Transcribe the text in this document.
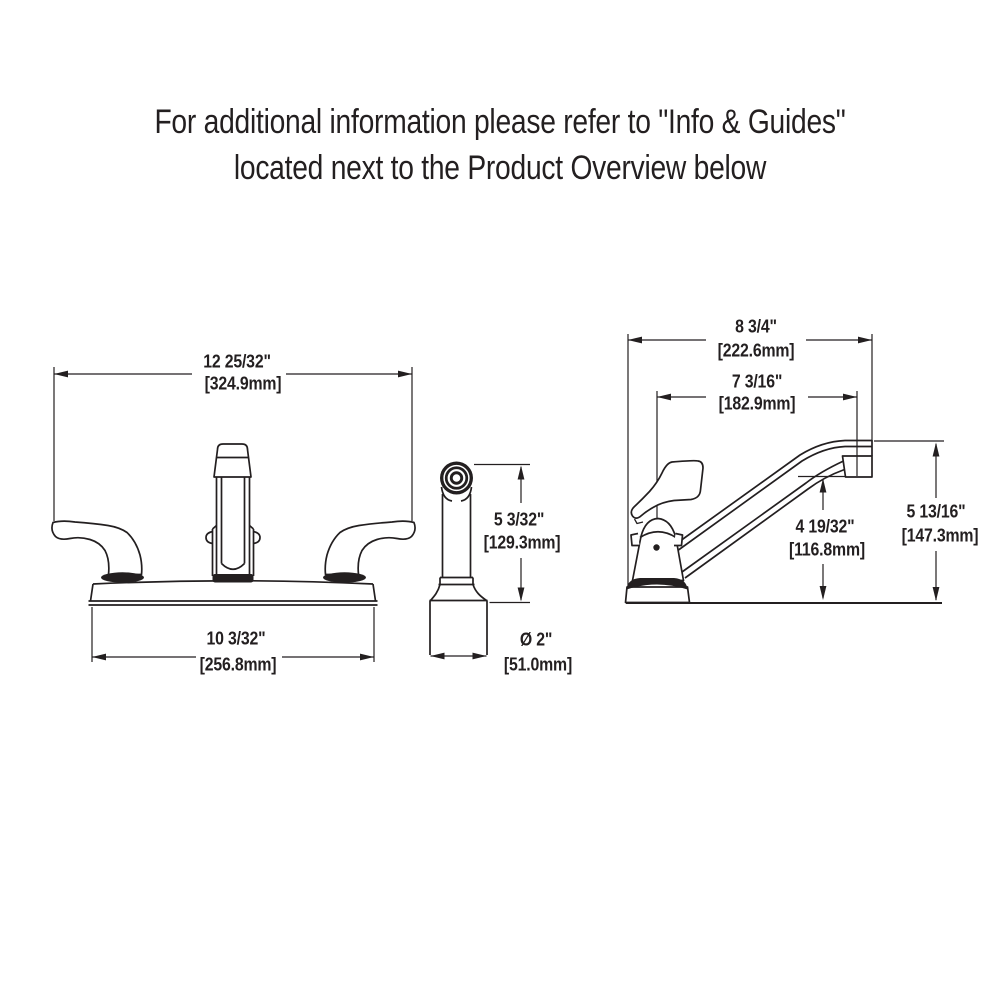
For additional information please refer to "Info & Guides"
located next to the Product Overview below
12 25/32"
[324.9mm]
10 3/32"
[256.8mm]
5 3/32"
[129.3mm]
Ø 2"
[51.0mm]
8 3/4"
[222.6mm]
7 3/16"
[182.9mm]
4 19/32"
[116.8mm]
5 13/16"
[147.3mm]
